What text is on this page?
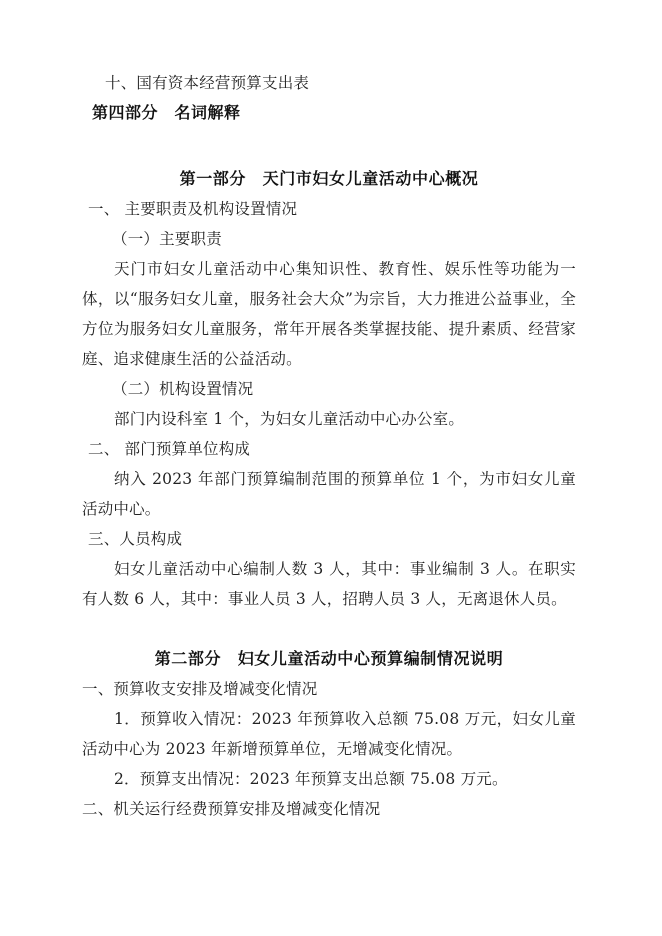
十、国有资本经营预算支出表
第四部分　名词解释
第一部分　天门市妇女儿童活动中心概况
一、 主要职责及机构设置情况
（一）主要职责
天门市妇女儿童活动中心集知识性、教育性、娱乐性等功能为一体，以“服务妇女儿童，服务社会大众”为宗旨，大力推进公益事业，全方位为服务妇女儿童服务，常年开展各类掌握技能、提升素质、经营家庭、追求健康生活的公益活动。
（二）机构设置情况
部门内设科室 1 个，为妇女儿童活动中心办公室。
二、 部门预算单位构成
纳入 2023 年部门预算编制范围的预算单位 1 个，为市妇女儿童活动中心。
三、人员构成
妇女儿童活动中心编制人数 3 人，其中：事业编制 3 人。在职实有人数 6 人，其中：事业人员 3 人，招聘人员 3 人，无离退休人员。
第二部分　妇女儿童活动中心预算编制情况说明
一、预算收支安排及增减变化情况
1．预算收入情况：2023 年预算收入总额 75.08 万元，妇女儿童活动中心为 2023 年新增预算单位，无增减变化情况。
2．预算支出情况：2023 年预算支出总额 75.08 万元。
二、机关运行经费预算安排及增减变化情况
